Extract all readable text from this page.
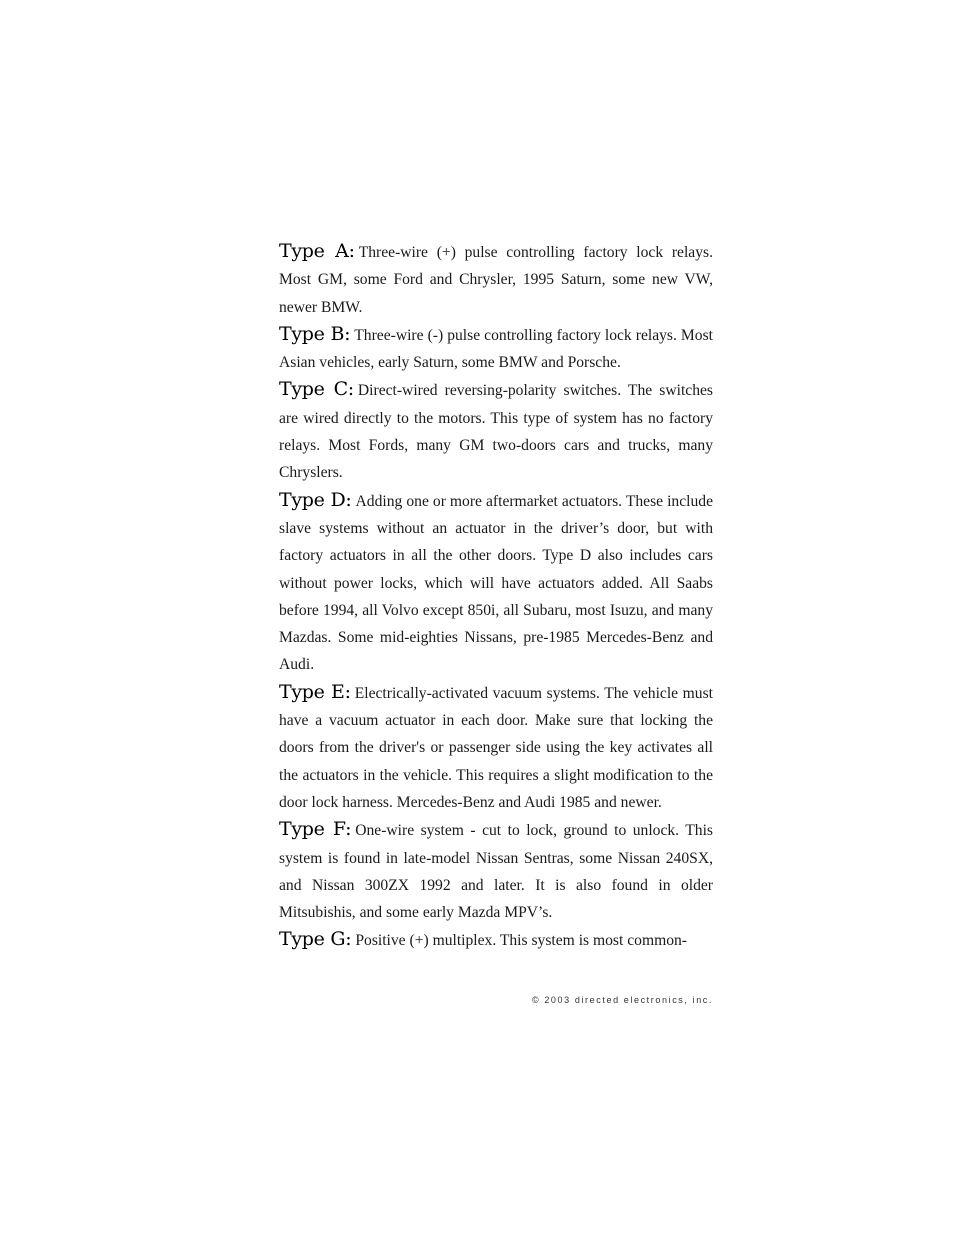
Type A: Three-wire (+) pulse controlling factory lock relays. Most GM, some Ford and Chrysler, 1995 Saturn, some new VW, newer BMW.

Type B: Three-wire (-) pulse controlling factory lock relays. Most Asian vehicles, early Saturn, some BMW and Porsche.

Type C: Direct-wired reversing-polarity switches. The switches are wired directly to the motors. This type of system has no factory relays. Most Fords, many GM two-doors cars and trucks, many Chryslers.

Type D: Adding one or more aftermarket actuators. These include slave systems without an actuator in the driver’s door, but with factory actuators in all the other doors. Type D also includes cars without power locks, which will have actuators added. All Saabs before 1994, all Volvo except 850i, all Subaru, most Isuzu, and many Mazdas. Some mid-eighties Nissans, pre-1985 Mercedes-Benz and Audi.

Type E: Electrically-activated vacuum systems. The vehicle must have a vacuum actuator in each door. Make sure that locking the doors from the driver's or passenger side using the key activates all the actuators in the vehicle. This requires a slight modification to the door lock harness. Mercedes-Benz and Audi 1985 and newer.

Type F: One-wire system - cut to lock, ground to unlock. This system is found in late-model Nissan Sentras, some Nissan 240SX, and Nissan 300ZX 1992 and later. It is also found in older Mitsubishis, and some early Mazda MPV’s.

Type G: Positive (+) multiplex. This system is most common-

© 2003 directed electronics, inc.
